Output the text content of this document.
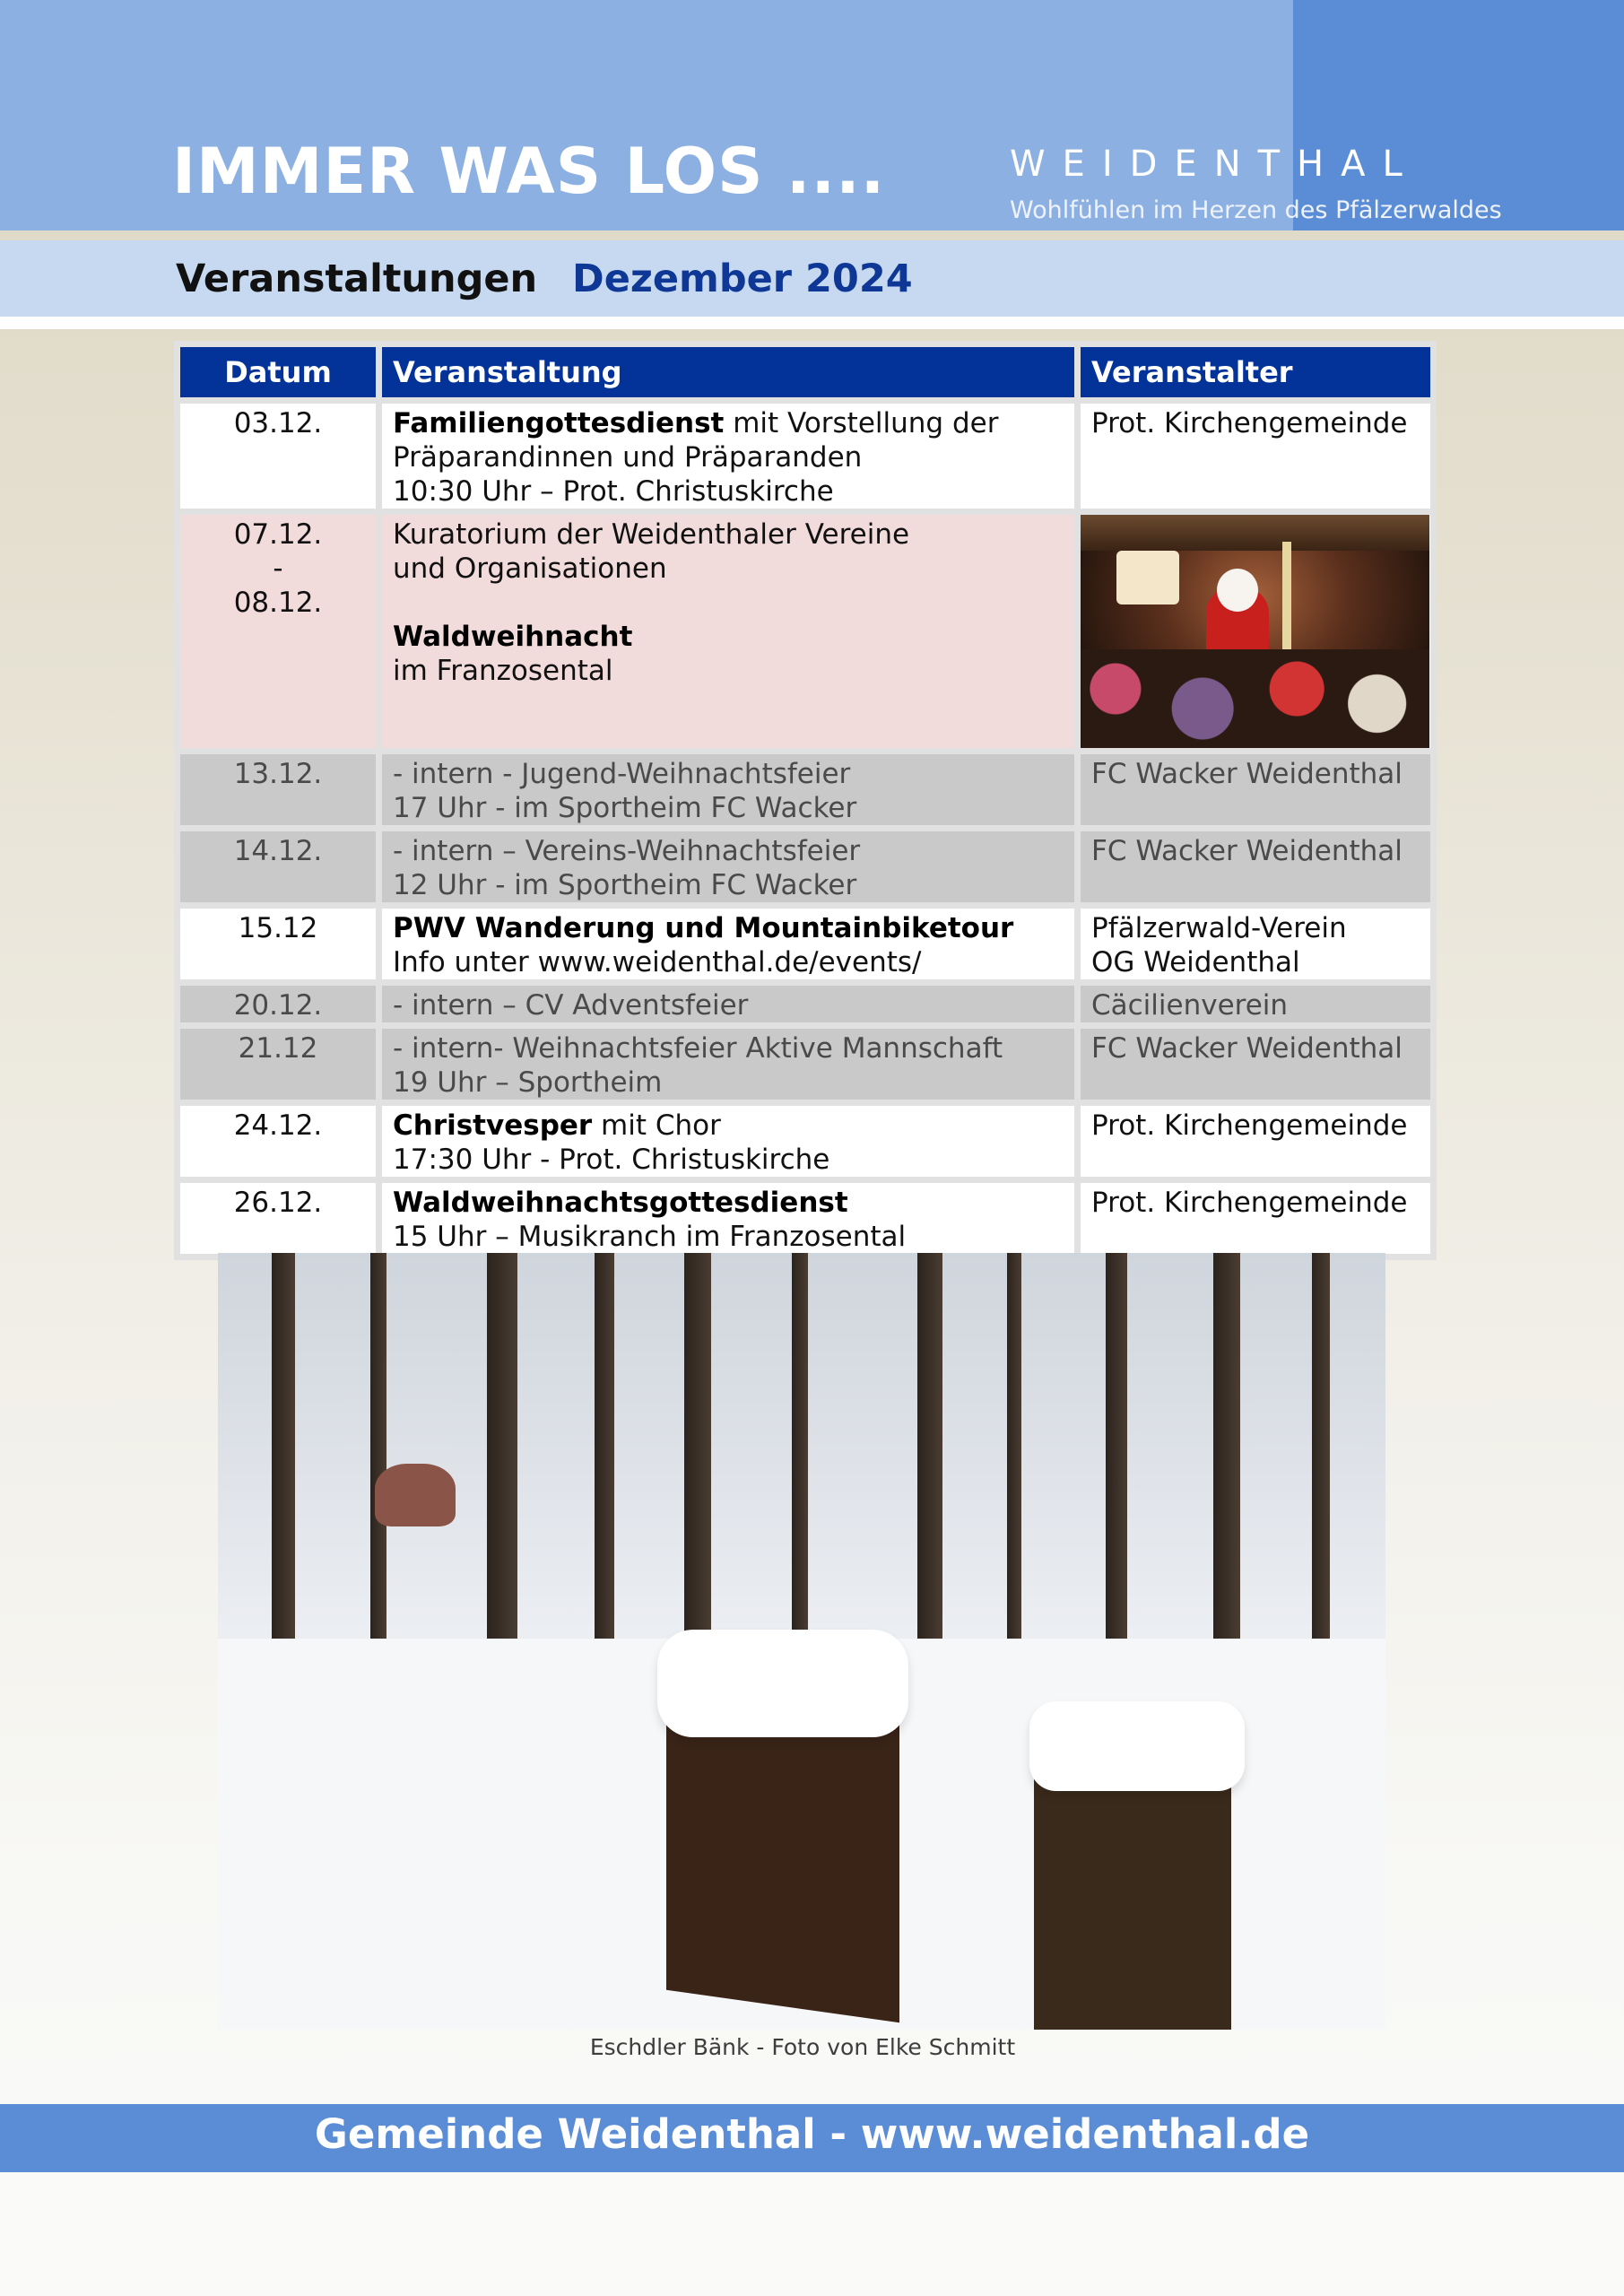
IMMER WAS LOS ....	WEIDENTHAL
Wohlfühlen im Herzen des Pfälzerwaldes
Veranstaltungen Dezember 2024
Datum	Veranstaltung	Veranstalter
03.12.	Familiengottesdienst mit Vorstellung der
Präparandinnen und Präparanden
10:30 Uhr – Prot. Christuskirche	Prot. Kirchengemeinde
07.12.
-
08.12.	Kuratorium der Weidenthaler Vereine
und Organisationen

Waldweihnacht
im Franzosental	

13.12.	- intern - Jugend-Weihnachtsfeier
17 Uhr - im Sportheim FC Wacker	FC Wacker Weidenthal
14.12.	- intern – Vereins-Weihnachtsfeier
12 Uhr - im Sportheim FC Wacker	FC Wacker Weidenthal
15.12	PWV Wanderung und Mountainbiketour
Info unter www.weidenthal.de/events/	Pfälzerwald-Verein
OG Weidenthal
20.12.	- intern – CV Adventsfeier	Cäcilienverein
21.12	- intern- Weihnachtsfeier Aktive Mannschaft
19 Uhr – Sportheim	FC Wacker Weidenthal
24.12.	Christvesper mit Chor
17:30 Uhr - Prot. Christuskirche	Prot. Kirchengemeinde
26.12.	Waldweihnachtsgottesdienst
15 Uhr – Musikranch im Franzosental	Prot. Kirchengemeinde
Eschdler Bänk - Foto von Elke Schmitt
Gemeinde Weidenthal - www.weidenthal.de
